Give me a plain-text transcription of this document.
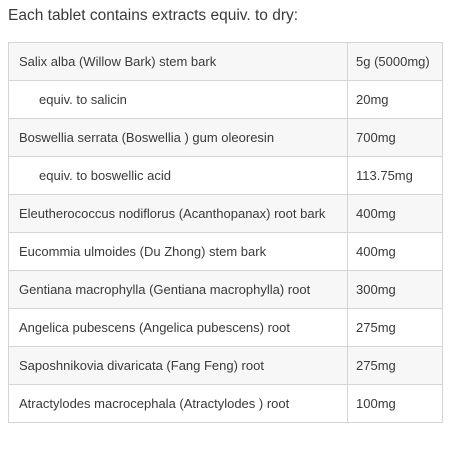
Each tablet contains extracts equiv. to dry:
Salix alba (Willow Bark) stem bark	5g (5000mg)
equiv. to salicin	20mg
Boswellia serrata (Boswellia ) gum oleoresin	700mg
equiv. to boswellic acid	113.75mg
Eleutherococcus nodiflorus (Acanthopanax) root bark	400mg
Eucommia ulmoides (Du Zhong) stem bark	400mg
Gentiana macrophylla (Gentiana macrophylla) root	300mg
Angelica pubescens (Angelica pubescens) root	275mg
Saposhnikovia divaricata (Fang Feng) root	275mg
Atractylodes macrocephala (Atractylodes ) root	100mg
